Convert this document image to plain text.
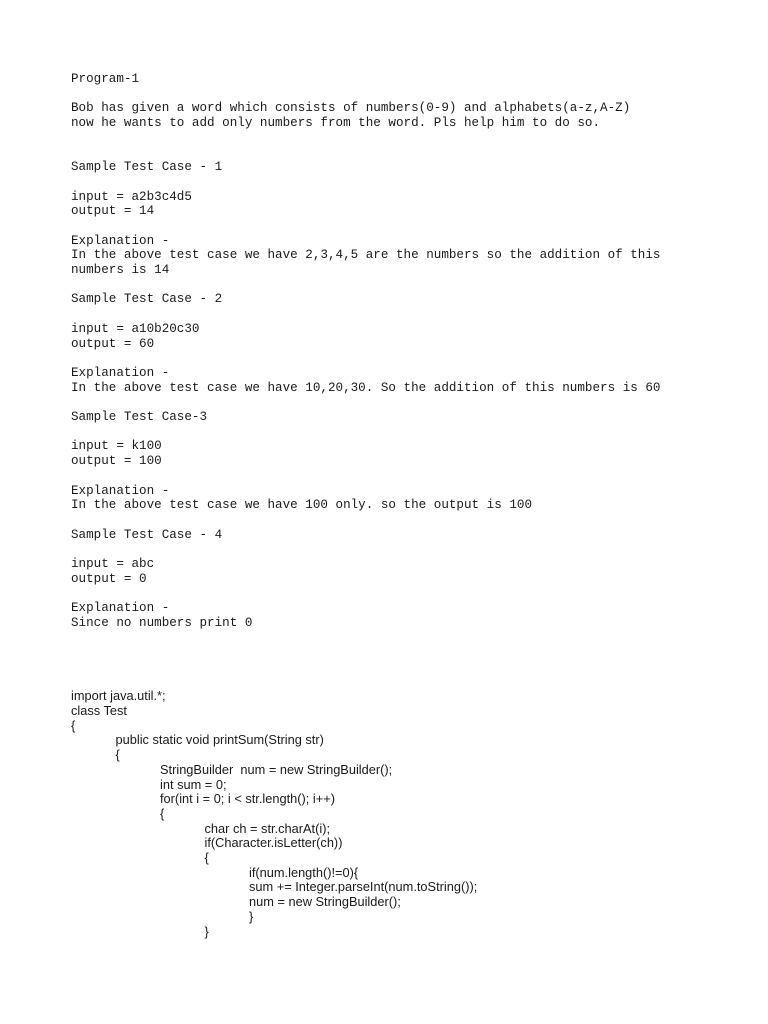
Program-1
Bob has given a word which consists of numbers(0-9) and alphabets(a-z,A-Z)
now he wants to add only numbers from the word. Pls help him to do so.
Sample Test Case - 1
input = a2b3c4d5
output = 14
Explanation -
In the above test case we have 2,3,4,5 are the numbers so the addition of this
numbers is 14
Sample Test Case - 2
input = a10b20c30
output = 60
Explanation -
In the above test case we have 10,20,30. So the addition of this numbers is 60
Sample Test Case-3
input = k100
output = 100
Explanation -
In the above test case we have 100 only. so the output is 100
Sample Test Case - 4
input = abc
output = 0
Explanation -
Since no numbers print 0
import java.util.*;
class Test
{
public static void printSum(String str)
{
StringBuilder  num = new StringBuilder();
int sum = 0;
for(int i = 0; i < str.length(); i++)
{
char ch = str.charAt(i);
if(Character.isLetter(ch))
{
if(num.length()!=0){
sum += Integer.parseInt(num.toString());
num = new StringBuilder();
}
}
